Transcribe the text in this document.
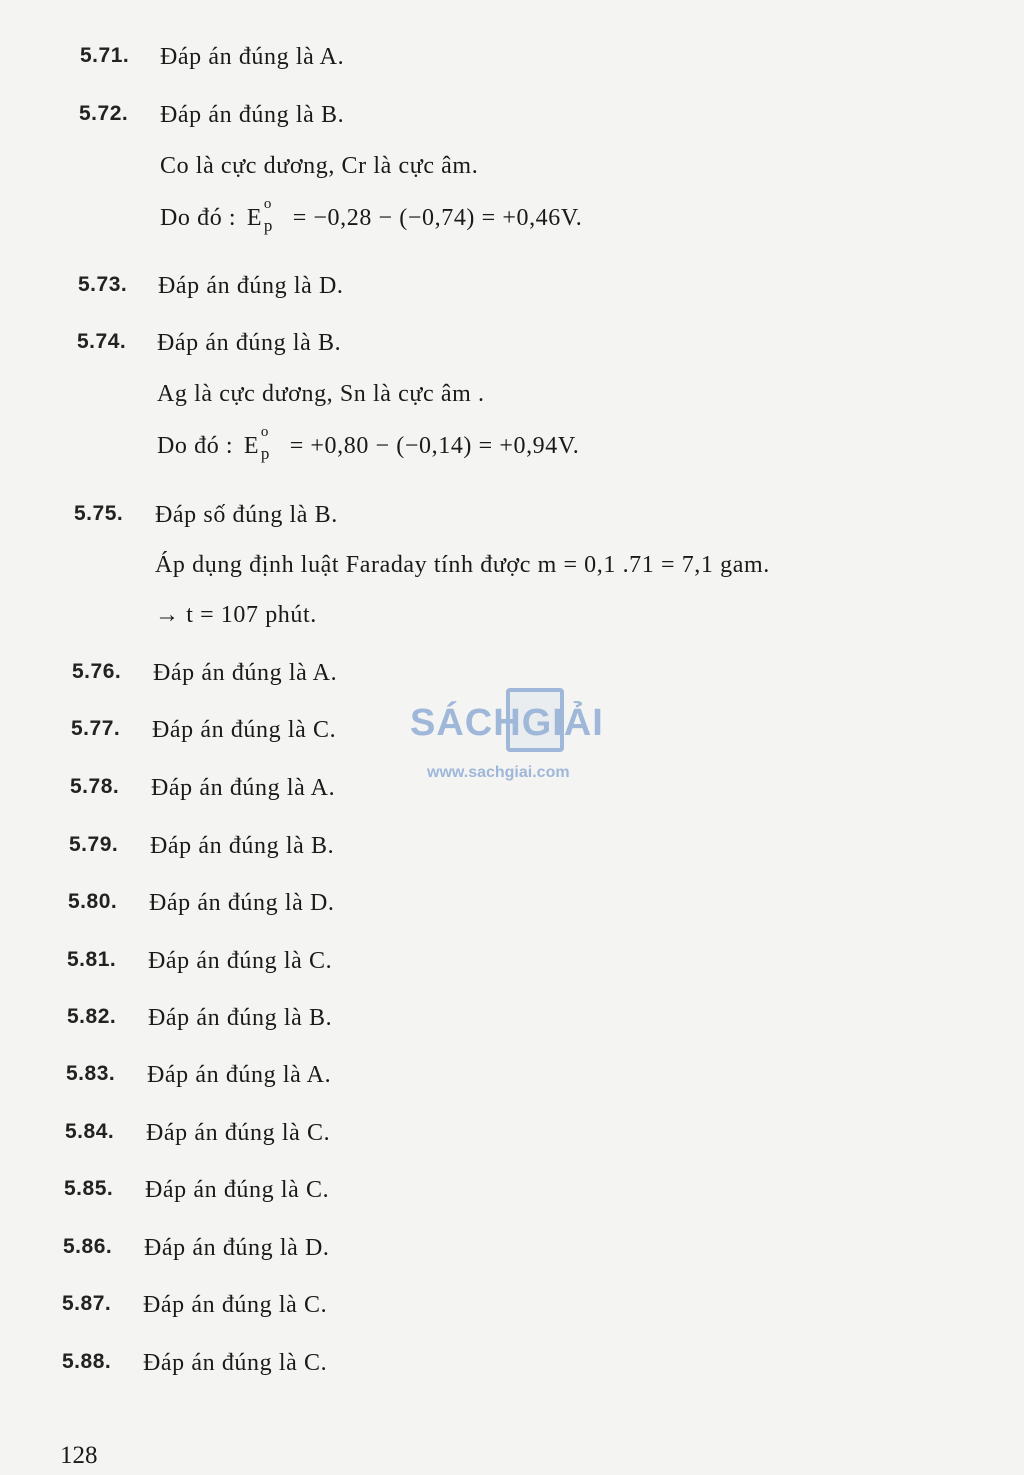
5.71. Đáp án đúng là A.
5.72. Đáp án đúng là B.
Co là cực dương, Cr là cực âm.
Do đó : E
o
p = −0,28 − (−0,74) = +0,46V.
5.73. Đáp án đúng là D.
5.74. Đáp án đúng là B.
Ag là cực dương, Sn là cực âm .
Do đó : E
o
p = +0,80 − (−0,14) = +0,94V.
5.75. Đáp số đúng là B.
Áp dụng định luật Faraday tính được m = 0,1 .71 = 7,1 gam.
→ t = 107 phút.
5.76. Đáp án đúng là A.
5.77. Đáp án đúng là C.
5.78. Đáp án đúng là A.
5.79. Đáp án đúng là B.
5.80. Đáp án đúng là D.
5.81. Đáp án đúng là C.
5.82. Đáp án đúng là B.
5.83. Đáp án đúng là A.
5.84. Đáp án đúng là C.
5.85. Đáp án đúng là C.
5.86. Đáp án đúng là D.
5.87. Đáp án đúng là C.
5.88. Đáp án đúng là C.
SÁCHGIẢI
www.sachgiai.com
128
